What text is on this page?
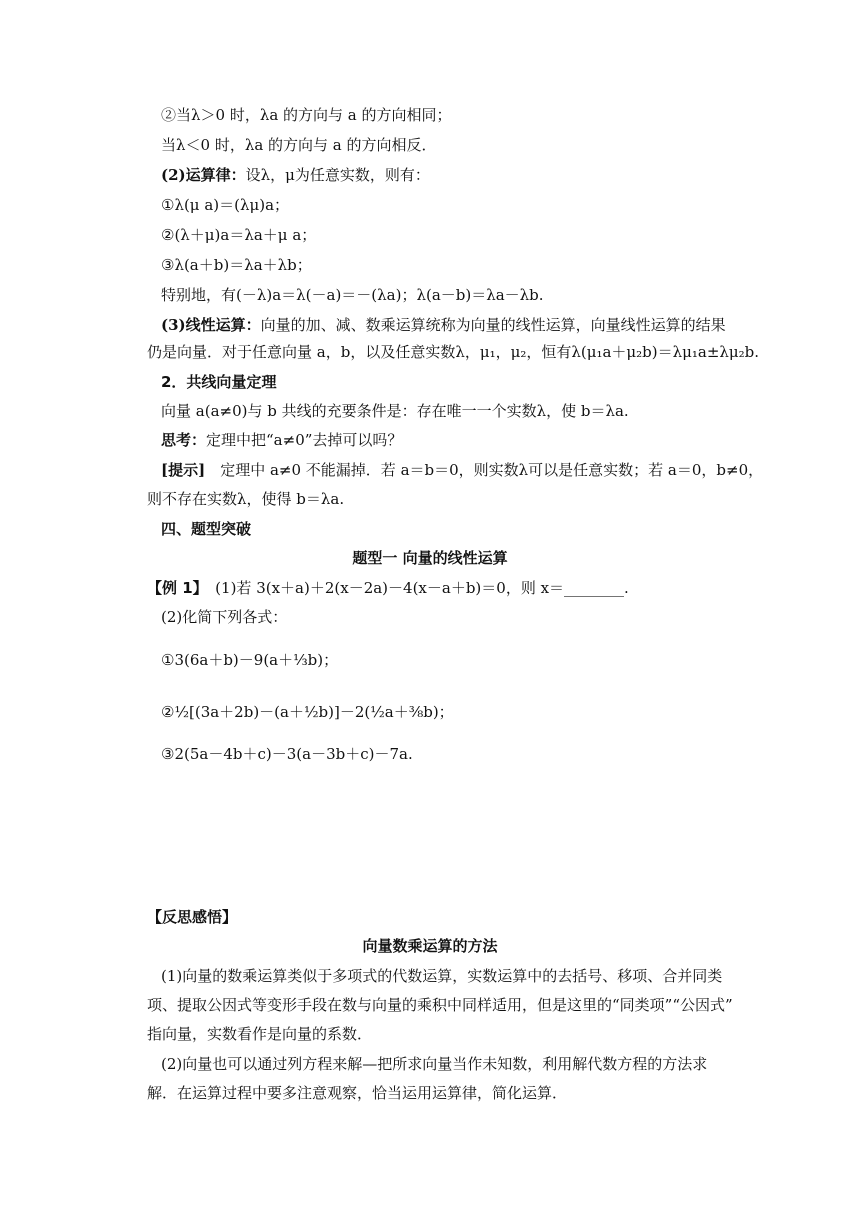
②当λ＞0 时，λa 的方向与 a 的方向相同；
当λ＜0 时，λa 的方向与 a 的方向相反．
(2)运算律：设λ，μ为任意实数，则有：
①λ(μ a)＝(λμ)a；
②(λ＋μ)a＝λa＋μ a；
③λ(a＋b)＝λa＋λb；
特别地，有(－λ)a＝λ(－a)＝－(λa)；λ(a－b)＝λa－λb.
(3)线性运算：向量的加、减、数乘运算统称为向量的线性运算，向量线性运算的结果
仍是向量．对于任意向量 a，b，以及任意实数λ，μ₁，μ₂，恒有λ(μ₁a＋μ₂b)＝λμ₁a±λμ₂b.
2．共线向量定理
向量 a(a≠0)与 b 共线的充要条件是：存在唯一一个实数λ，使 b＝λa.
思考：定理中把“a≠0”去掉可以吗？
[提示]　定理中 a≠0 不能漏掉．若 a＝b＝0，则实数λ可以是任意实数；若 a＝0，b≠0，
则不存在实数λ，使得 b＝λa.
四、题型突破
题型一 向量的线性运算
【例 1】　(1)若 3(x＋a)＋2(x－2a)－4(x－a＋b)＝0，则 x＝________.
(2)化简下列各式：
①3(6a＋b)－9(a＋⅓b)；
②½[(3a＋2b)－(a＋½b)]－2(½a＋⅜b)；
③2(5a－4b＋c)－3(a－3b＋c)－7a.
【反思感悟】
向量数乘运算的方法
(1)向量的数乘运算类似于多项式的代数运算，实数运算中的去括号、移项、合并同类
项、提取公因式等变形手段在数与向量的乘积中同样适用，但是这里的“同类项”“公因式”
指向量，实数看作是向量的系数．
(2)向量也可以通过列方程来解—把所求向量当作未知数，利用解代数方程的方法求
解．在运算过程中要多注意观察，恰当运用运算律，简化运算．
